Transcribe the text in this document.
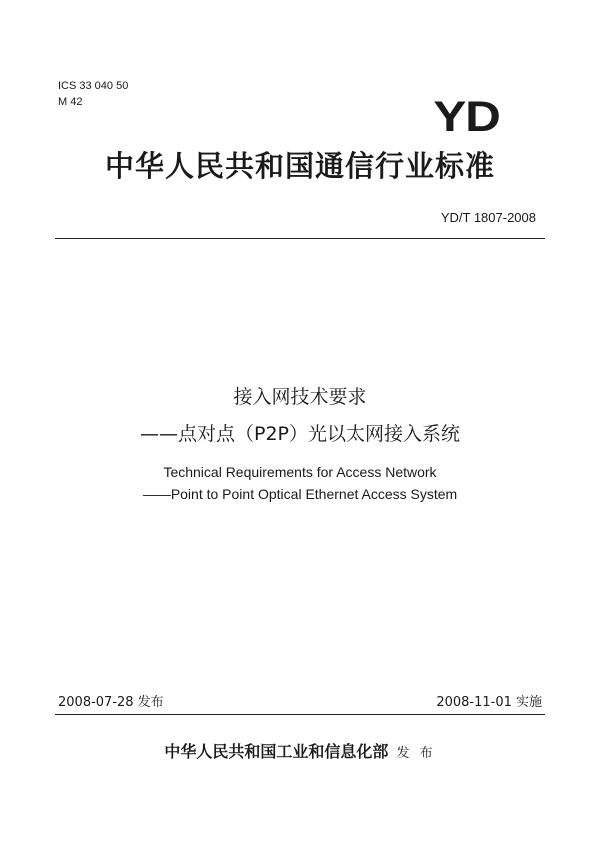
ICS 33 040 50
M 42	YD
中华人民共和国通信行业标准
YD/T 1807-2008
接入网技术要求
——点对点（P2P）光以太网接入系统
Technical Requirements for Access Network
——Point to Point Optical Ethernet Access System
2008-07-28 发布	2008-11-01 实施
中华人民共和国工业和信息化部 发 布
